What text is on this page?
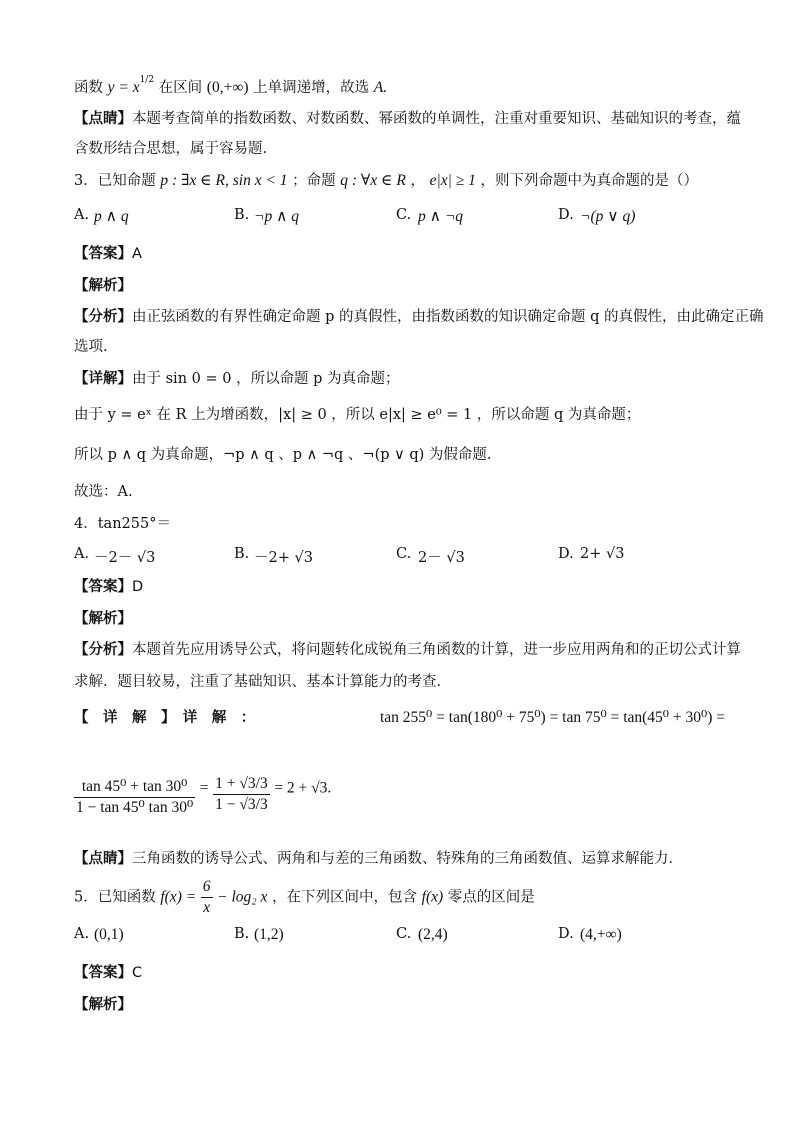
函数 $y = x^{1/2}$ 在区间 (0,+∞) 上单调递增，故选 A.
【点睛】本题考查简单的指数函数、对数函数、幂函数的单调性，注重对重要知识、基础知识的考查，蕴
含数形结合思想，属于容易题.
3．已知命题 p : ∃x ∈ R, sin x < 1 ；命题 q : ∀x ∈ R ， e|x| ≥ 1 ，则下列命题中为真命题的是（）
A. p ∧ q	B. ¬p ∧ q	C. p ∧ ¬q	D. ¬(p ∨ q)
【答案】A
【解析】
【分析】由正弦函数的有界性确定命题 p 的真假性，由指数函数的知识确定命题 q 的真假性，由此确定正确
选项.
【详解】由于 sin 0 = 0 ，所以命题 p 为真命题；
由于 y = eˣ 在 R 上为增函数，|x| ≥ 0 ，所以 e|x| ≥ e⁰ = 1 ，所以命题 q 为真命题；
所以 p ∧ q 为真命题，¬p ∧ q 、p ∧ ¬q 、¬(p ∨ q) 为假命题.
故选：A.
4．tan255°＝
A. －2－ √3	B. －2+ √3	C. 2－ √3	D. 2+ √3
【答案】D
【解析】
【分析】本题首先应用诱导公式，将问题转化成锐角三角函数的计算，进一步应用两角和的正切公式计算
求解．题目较易，注重了基础知识、基本计算能力的考查．
【　详　解　】　详　解　：	tan 255⁰ = tan(180⁰ + 75⁰) = tan 75⁰ = tan(45⁰ + 30⁰) =
$\frac{\text{tan 45⁰ + tan 30⁰}}{\text{1 − tan 45⁰ tan 30⁰}} = \frac{1 + √3/3}{1 - √3/3} = 2 + √3$.
【点睛】三角函数的诱导公式、两角和与差的三角函数、特殊角的三角函数值、运算求解能力．
5．已知函数 $f(x) = \frac{6}{x} - \log_2$ x ，在下列区间中，包含 f(x) 零点的区间是
A. (0,1)	B. (1,2)	C. (2,4)	D. (4,+∞)
【答案】C
【解析】
